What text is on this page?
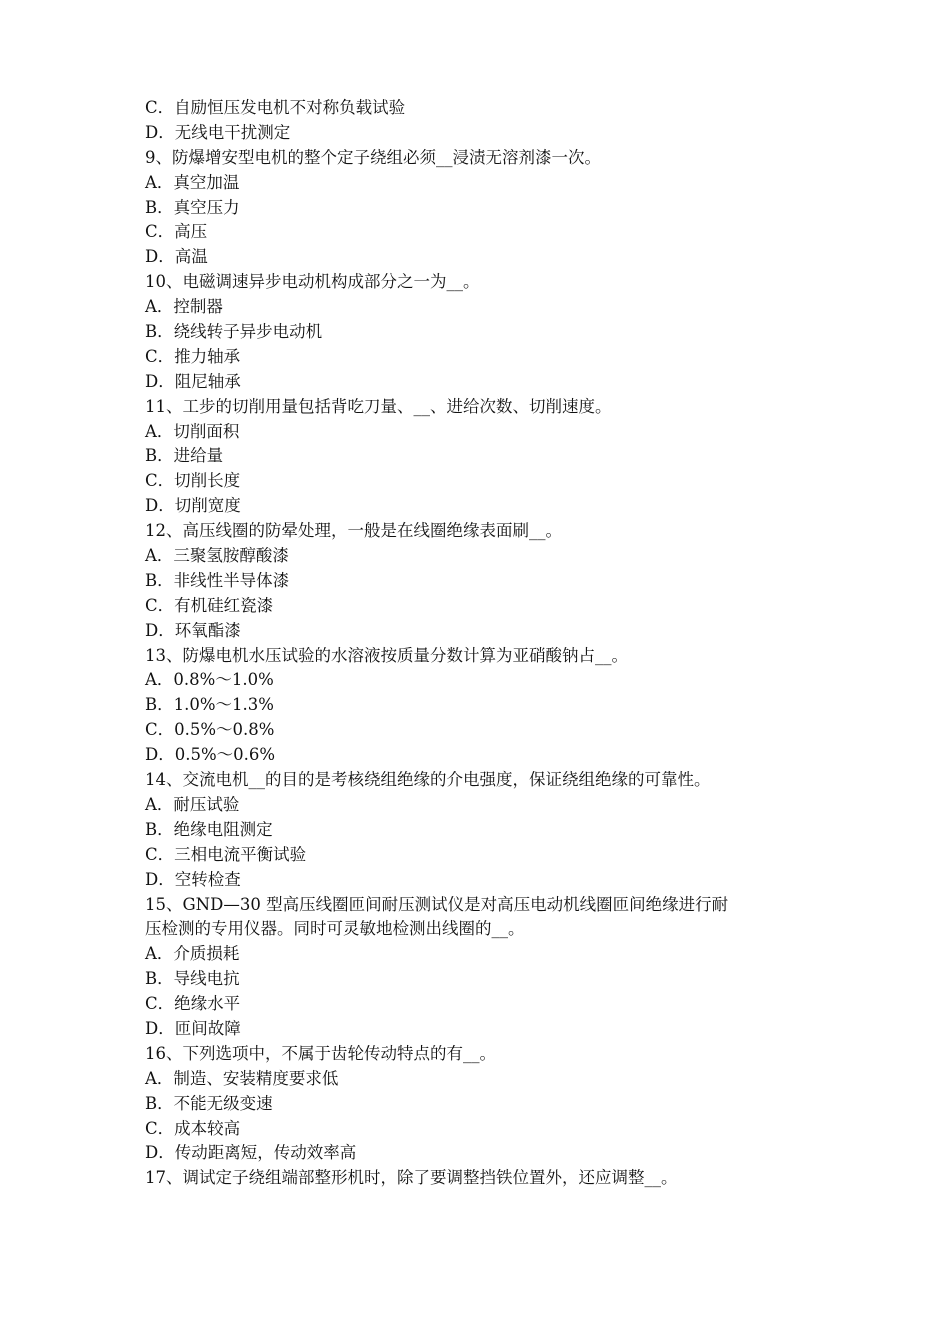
C．自励恒压发电机不对称负载试验
D．无线电干扰测定
9、防爆增安型电机的整个定子绕组必须__浸渍无溶剂漆一次。
A．真空加温
B．真空压力
C．高压
D．高温
10、电磁调速异步电动机构成部分之一为__。
A．控制器
B．绕线转子异步电动机
C．推力轴承
D．阻尼轴承
11、工步的切削用量包括背吃刀量、__、进给次数、切削速度。
A．切削面积
B．进给量
C．切削长度
D．切削宽度
12、高压线圈的防晕处理，一般是在线圈绝缘表面刷__。
A．三聚氢胺醇酸漆
B．非线性半导体漆
C．有机硅红瓷漆
D．环氧酯漆
13、防爆电机水压试验的水溶液按质量分数计算为亚硝酸钠占__。
A．0.8%～1.0%
B．1.0%～1.3%
C．0.5%～0.8%
D．0.5%～0.6%
14、交流电机__的目的是考核绕组绝缘的介电强度，保证绕组绝缘的可靠性。
A．耐压试验
B．绝缘电阻测定
C．三相电流平衡试验
D．空转检查
15、GND—30 型高压线圈匝间耐压测试仪是对高压电动机线圈匝间绝缘进行耐
压检测的专用仪器。同时可灵敏地检测出线圈的__。
A．介质损耗
B．导线电抗
C．绝缘水平
D．匝间故障
16、下列选项中，不属于齿轮传动特点的有__。
A．制造、安装精度要求低
B．不能无级变速
C．成本较高
D．传动距离短，传动效率高
17、调试定子绕组端部整形机时，除了要调整挡铁位置外，还应调整__。
